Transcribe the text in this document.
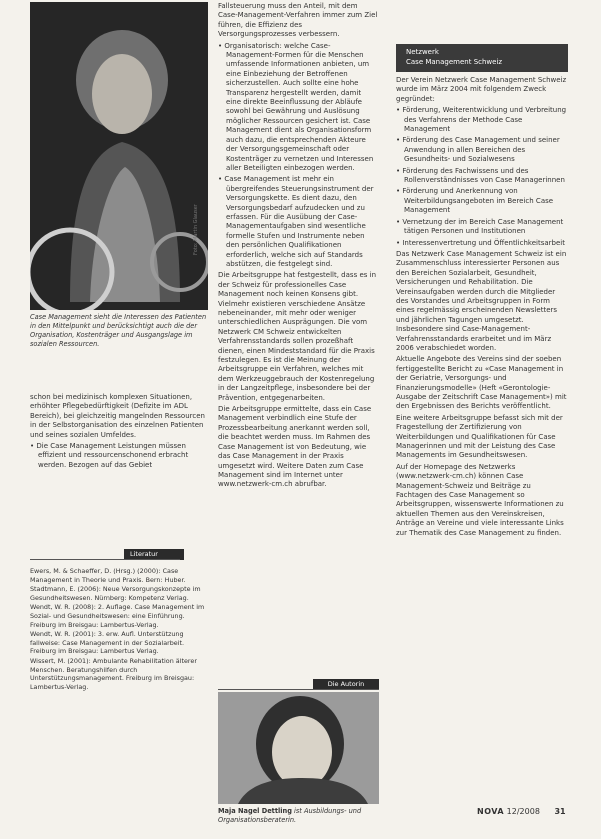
Foto: Martin Glauser
Case Management sieht die Interessen des Patienten in den Mittelpunkt und berücksichtigt auch die der Organisation, Kostenträger und Ausgangslage im sozialen Ressourcen.

schon bei medizinisch komplexen Situationen, erhöhter Pflegebedürftigkeit (Defizite im ADL Bereich), bei gleichzeitig mangelnden Ressourcen in der Selbstorganisation des einzelnen Patienten und seines sozialen Umfeldes.

• Die Case Management Leistungen müssen effizient und ressourcenschonend erbracht werden. Bezogen auf das Gebiet

Literatur

Ewers, M. & Schaeffer, D. (Hrsg.) (2000): Case Management in Theorie und Praxis. Bern: Huber.

Stadtmann, E. (2006): Neue Versorgungskonzepte im Gesundheitswesen. Nürnberg: Kompetenz Verlag.

Wendt, W. R. (2008): 2. Auflage. Case Management im Sozial- und Gesundheitswesen: eine Einführung. Freiburg im Breisgau: Lambertus-Verlag.

Wendt, W. R. (2001): 3. erw. Aufl. Unterstützung fallweise: Case Management in der Sozialarbeit. Freiburg im Breisgau: Lambertus Verlag.

Wissert, M. (2001): Ambulante Rehabilitation älterer Menschen. Beratungshilfen durch Unterstützungsmanagement. Freiburg im Breisgau: Lambertus-Verlag.

Fallsteuerung muss den Anteil, mit dem Case-Management-Verfahren immer zum Ziel führen, die Effizienz des Versorgungsprozesses verbessern.

• Organisatorisch: welche Case-Management-Formen für die Menschen umfassende Informationen anbieten, um eine Einbeziehung der Betroffenen sicherzustellen. Auch sollte eine hohe Transparenz hergestellt werden, damit eine direkte Beeinflussung der Abläufe sowohl bei Gewährung und Auslösung möglicher Ressourcen gesichert ist. Case Management dient als Organisationsform auch dazu, die entsprechenden Akteure der Versorgungsgemeinschaft oder Kostenträger zu vernetzen und Interessen aller Beteiligten einbezogen werden.

• Case Management ist mehr ein übergreifendes Steuerungsinstrument der Versorgungskette. Es dient dazu, den Versorgungsbedarf aufzudecken und zu erfassen. Für die Ausübung der Case-Managementaufgaben sind wesentliche formelle Stufen und Instrumente neben den persönlichen Qualifikationen erforderlich, welche sich auf Standards abstützen, die festgelegt sind.

Die Arbeitsgruppe hat festgestellt, dass es in der Schweiz für professionelles Case Management noch keinen Konsens gibt. Vielmehr existieren verschiedene Ansätze nebeneinander, mit mehr oder weniger unterschiedlichen Ausprägungen. Die vom Netzwerk CM Schweiz entwickelten Verfahrensstandards sollen prozeßhaft dienen, einen Mindeststandard für die Praxis festzulegen. Es ist die Meinung der Arbeitsgruppe ein Verfahren, welches mit dem Werkzeuggebrauch der Kostenregelung in der Langzeitpflege, insbesondere bei der Prävention, entgegenarbeiten.

Die Arbeitsgruppe ermittelte, dass ein Case Management verbindlich eine Stufe der Prozessbearbeitung anerkannt werden soll, die beachtet werden muss. Im Rahmen des Case Management ist von Bedeutung, wie das Case Management in der Praxis umgesetzt wird. Weitere Daten zum Case Management sind im Internet unter www.netzwerk-cm.ch abrufbar.

Die Autorin
Maja Nagel Dettling ist Ausbildungs- und Organisationsberaterin.
Netzwerk
Case Management Schweiz

Der Verein Netzwerk Case Management Schweiz wurde im März 2004 mit folgendem Zweck gegründet:

• Förderung, Weiterentwicklung und Verbreitung des Verfahrens der Methode Case Management

• Förderung des Case Management und seiner Anwendung in allen Bereichen des Gesundheits- und Sozialwesens

• Förderung des Fachwissens und des Rollenverständnisses von Case Managerinnen

• Förderung und Anerkennung von Weiterbildungsangeboten im Bereich Case Management

• Vernetzung der im Bereich Case Management tätigen Personen und Institutionen

• Interessenvertretung und Öffentlichkeitsarbeit

Das Netzwerk Case Management Schweiz ist ein Zusammenschluss interessierter Personen aus den Bereichen Sozialarbeit, Gesundheit, Versicherungen und Rehabilitation. Die Vereinsaufgaben werden durch die Mitglieder des Vorstandes und Arbeitsgruppen in Form eines regelmässig erscheinenden Newsletters und jährlichen Tagungen umgesetzt. Insbesondere sind Case-Management-Verfahrensstandards erarbeitet und im März 2006 verabschiedet worden.

Aktuelle Angebote des Vereins sind der soeben fertiggestellte Bericht zu «Case Management in der Geriatrie, Versorgungs- und Finanzierungsmodelle» (Heft «Gerontologie-Ausgabe der Zeitschrift Case Management») mit den Ergebnissen des Berichts veröffentlicht.

Eine weitere Arbeitsgruppe befasst sich mit der Fragestellung der Zertifizierung von Weiterbildungen und Qualifikationen für Case Managerinnen und mit der Leistung des Case Managements im Gesundheitswesen.

Auf der Homepage des Netzwerks (www.netzwerk-cm.ch) können Case Management-Schweiz und Beiträge zu Fachtagen des Case Management so Arbeitsgruppen, wissenswerte Informationen zu aktuellen Themen aus den Vereinskreisen, Anträge an Vereine und viele interessante Links zur Thematik des Case Management zu finden.

NOVA 12/2008 31
